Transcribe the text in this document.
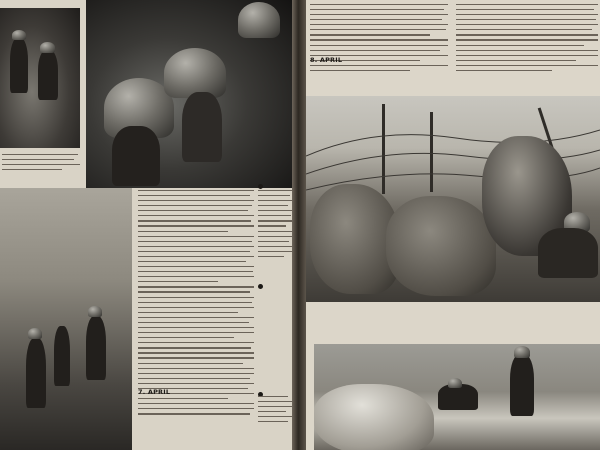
7. APRIL
8. APRIL
